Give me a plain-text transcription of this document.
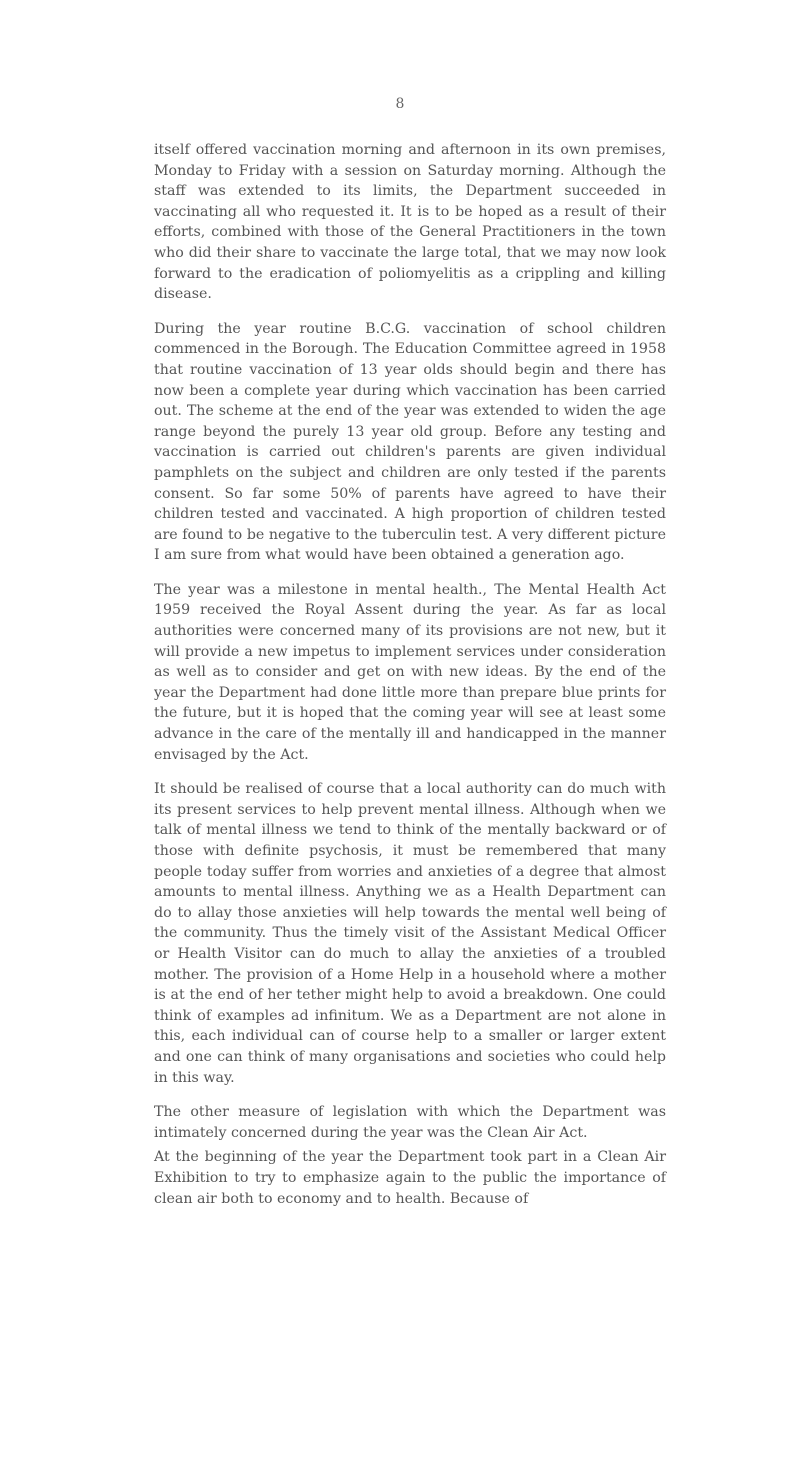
8

itself offered vaccination morning and afternoon in its own premises, Monday to Friday with a session on Saturday morning. Although the staff was extended to its limits, the Department succeeded in vaccinating all who requested it. It is to be hoped as a result of their efforts, combined with those of the General Practitioners in the town who did their share to vaccinate the large total, that we may now look forward to the eradication of poliomyelitis as a crippling and killing disease.

During the year routine B.C.G. vaccination of school children commenced in the Borough. The Education Committee agreed in 1958 that routine vaccination of 13 year olds should begin and there has now been a complete year during which vaccination has been carried out. The scheme at the end of the year was extended to widen the age range beyond the purely 13 year old group. Before any testing and vaccination is carried out children's parents are given individual pamphlets on the subject and children are only tested if the parents consent. So far some 50% of parents have agreed to have their children tested and vaccinated. A high proportion of children tested are found to be negative to the tuberculin test. A very different picture I am sure from what would have been obtained a generation ago.

The year was a milestone in mental health., The Mental Health Act 1959 received the Royal Assent during the year. As far as local authorities were concerned many of its provisions are not new, but it will provide a new impetus to implement services under consideration as well as to consider and get on with new ideas. By the end of the year the Department had done little more than prepare blue prints for the future, but it is hoped that the coming year will see at least some advance in the care of the mentally ill and handicapped in the manner envisaged by the Act.

It should be realised of course that a local authority can do much with its present services to help prevent mental illness. Although when we talk of mental illness we tend to think of the mentally backward or of those with definite psychosis, it must be remembered that many people today suffer from worries and anxieties of a degree that almost amounts to mental illness. Anything we as a Health Department can do to allay those anxieties will help towards the mental well being of the community. Thus the timely visit of the Assistant Medical Officer or Health Visitor can do much to allay the anxieties of a troubled mother. The provision of a Home Help in a household where a mother is at the end of her tether might help to avoid a breakdown. One could think of examples ad infinitum. We as a Department are not alone in this, each individual can of course help to a smaller or larger extent and one can think of many organisations and societies who could help in this way.

The other measure of legislation with which the Department was intimately concerned during the year was the Clean Air Act.

At the beginning of the year the Department took part in a Clean Air Exhibition to try to emphasize again to the public the importance of clean air both to economy and to health. Because of
